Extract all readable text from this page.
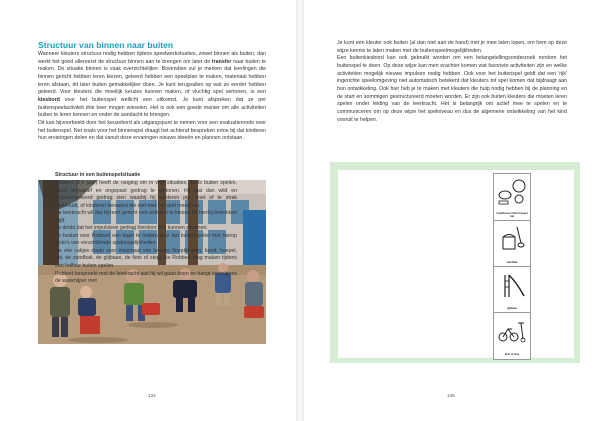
Structuur van binnen naar buiten

Wanneer kleuters structuur nodig hebben tijdens speelwerkstuaties, zowel binnen als buiten, dan werkt het goed allereerst de structuur binnen aan te brengen om later de transfer naar buiten te maken. De situatie binnen is vaak overzichtelijker. Bovendien zul je merken dat leerlingen die binnen gericht hebben leren kiezen, geleerd hebben een speelplan te maken, materiaal hebben leren afstaan, dit later buiten gemakkelijker doen. Je kunt terugvallen op wat ze eerder hebben geleerd. Voor kleuters die moeilijk keuzes kunnen maken, of vluchtig spel vertonen, is een kiesbord voor het buitenspel wellicht een uitkomst. Je kunt afspreken dat ze per buitenspeelactiviteit drie keer mogen wisselen. Het is ook een goede manier om alle activiteiten buiten te leren kennen en onder de aandacht te brengen.

Dit kan bijvoorbeeld door het keuzebord als uitgangspunt te nemen voor een evaluatieronde over het buitenspel. Net zoals voor het binnenspel draagt het achteraf bespreken ertoe bij dat kinderen hun ervaringen delen en dat vanuit deze ervaringen nieuwe ideeën en plannen ontstaan.

134

Je kunt een kleuter ook buiten (al dan niet aan de hand) met je mee laten lopen, om hem op deze wijze kennis te laten maken met de buitenspeelmogelijkheden.

Een buitenkiesbord kan ook gebruikt worden om een belangstellingsonderzoek rondom het buitenspel te doen. Op deze wijze kan men erachter komen wat favoriete activiteiten zijn en welke activiteiten mogelijk nieuwe impulsen nodig hebben. Ook voor het buitenspel geldt dat een 'rijk' ingerichte speelomgeving niet automatisch betekent dat kleuters tot spel komen dat bijdraagt aan hun ontwikkeling. Ook hier heb je te maken met kleuters die hulp nodig hebben bij de planning en de start en sommigen gestructureerd moeten worden. Er zijn ook buiten kleuters die moeten leren spelen onder leiding van de leerkracht. Het is belangrijk om actief mee te spelen en te communiceren om op deze wijze het spelniveau en dus de algemene ontwikkeling van het kind vooruit te helpen.

Structuur in een buitenspelsituatie

Robbert (5;6 jaar) heeft de neiging om in vrije situaties, zoals buiten spelen, vaker impulsief en ongepast gedrag te vertonen. Hij laat dan wild en ongecontroleerd gedrag zien waarbij hij kinderen pijn doet of te strak vasthoudt, of kinderen benadert die niet met het spel meedoen.

De leerkracht wil dat hij leert gericht een activiteit te kiezen en hierbij betrokken blijft.

Ze denkt dat het impulsieve gedrag hierdoor zou kunnen afnemen.

Ze besluit voor Robbert een kaart te maken voor het buitenspelen met hierop picto's van verschillende spelmogelijkheden.

De vier vakjes staan voor maximaal vier keuzes (loopklossen, band, hoepel, bal, de zandbak, de glijbaan, de fiets of step) die Robbert mag maken tijdens een halfuur buiten spelen.

Robbert bespreekt met de leerkracht wat hij wil gaan doen en hangt vervolgens de wasknijper met

loopklossen band hoepel bal
zandbak
glijbaan
fiets of step
135
